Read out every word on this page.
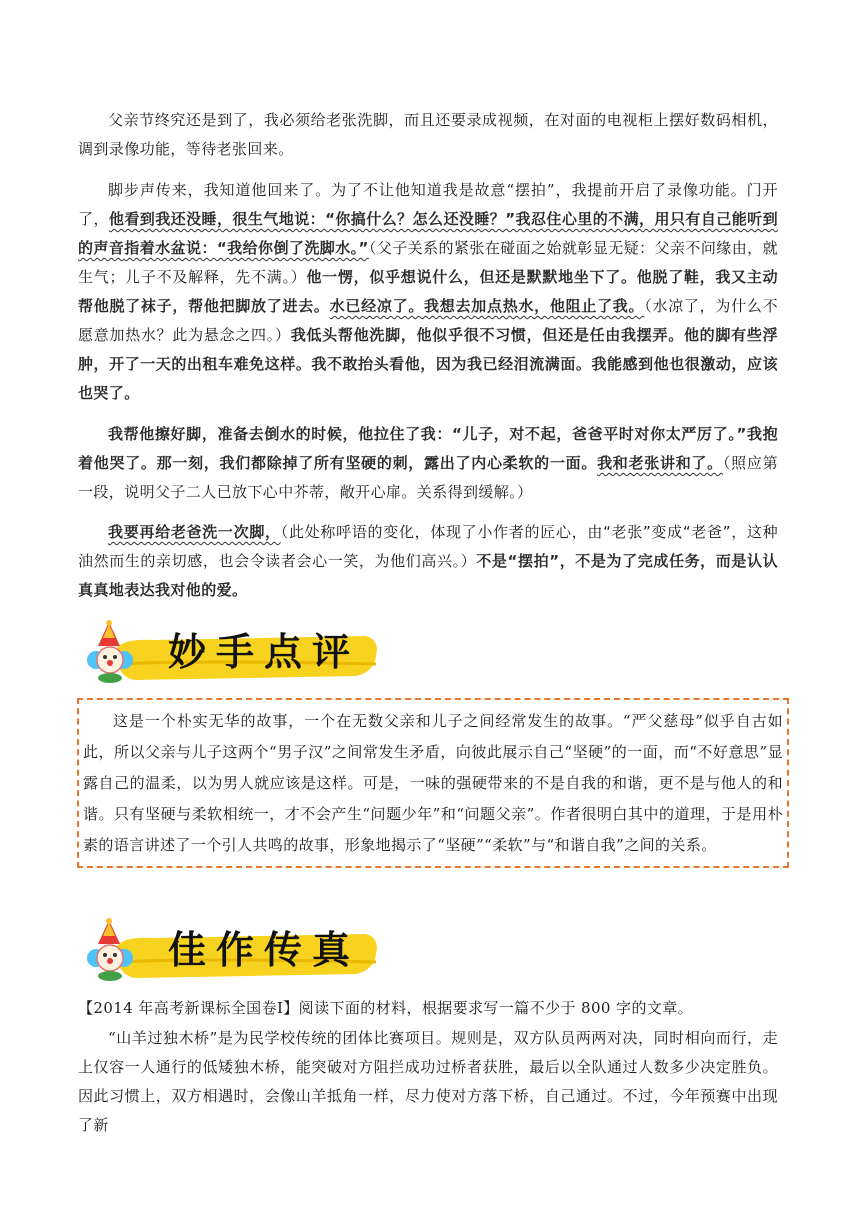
父亲节终究还是到了，我必须给老张洗脚，而且还要录成视频，在对面的电视柜上摆好数码相机，调到录像功能，等待老张回来。
脚步声传来，我知道他回来了。为了不让他知道我是故意“摆拍”，我提前开启了录像功能。门开了，他看到我还没睡，很生气地说：“你搞什么？怎么还没睡？”我忍住心里的不满，用只有自己能听到的声音指着水盆说：“我给你倒了洗脚水。”（父子关系的紧张在碰面之始就彰显无疑：父亲不问缘由，就生气；儿子不及解释，先不满。）他一愣，似乎想说什么，但还是默默地坐下了。他脱了鞋，我又主动帮他脱了袜子，帮他把脚放了进去。水已经凉了。我想去加点热水，他阻止了我。（水凉了，为什么不愿意加热水？此为悬念之四。）我低头帮他洗脚，他似乎很不习惯，但还是任由我摆弄。他的脚有些浮肿，开了一天的出租车难免这样。我不敢抬头看他，因为我已经泪流满面。我能感到他也很激动，应该也哭了。
我帮他擦好脚，准备去倒水的时候，他拉住了我：“儿子，对不起，爸爸平时对你太严厉了。”我抱着他哭了。那一刻，我们都除掉了所有坚硬的刺，露出了内心柔软的一面。我和老张讲和了。（照应第一段，说明父子二人已放下心中芥蒂，敞开心扉。关系得到缓解。）
我要再给老爸洗一次脚，（此处称呼语的变化，体现了小作者的匠心，由“老张”变成“老爸”，这种油然而生的亲切感，也会令读者会心一笑，为他们高兴。）不是“摆拍”，不是为了完成任务，而是认认真真地表达我对他的爱。
妙手点评
这是一个朴实无华的故事，一个在无数父亲和儿子之间经常发生的故事。“严父慈母”似乎自古如此，所以父亲与儿子这两个“男子汉”之间常发生矛盾，向彼此展示自己“坚硬”的一面，而“不好意思”显露自己的温柔，以为男人就应该是这样。可是，一味的强硬带来的不是自我的和谐，更不是与他人的和谐。只有坚硬与柔软相统一，才不会产生“问题少年”和“问题父亲”。作者很明白其中的道理，于是用朴素的语言讲述了一个引人共鸣的故事，形象地揭示了“坚硬”“柔软”与“和谐自我”之间的关系。
佳作传真
【2014 年高考新课标全国卷Ⅰ】阅读下面的材料，根据要求写一篇不少于 800 字的文章。
“山羊过独木桥”是为民学校传统的团体比赛项目。规则是，双方队员两两对决，同时相向而行，走上仅容一人通行的低矮独木桥，能突破对方阻拦成功过桥者获胜，最后以全队通过人数多少决定胜负。因此习惯上，双方相遇时，会像山羊抵角一样，尽力使对方落下桥，自己通过。不过，今年预赛中出现了新
